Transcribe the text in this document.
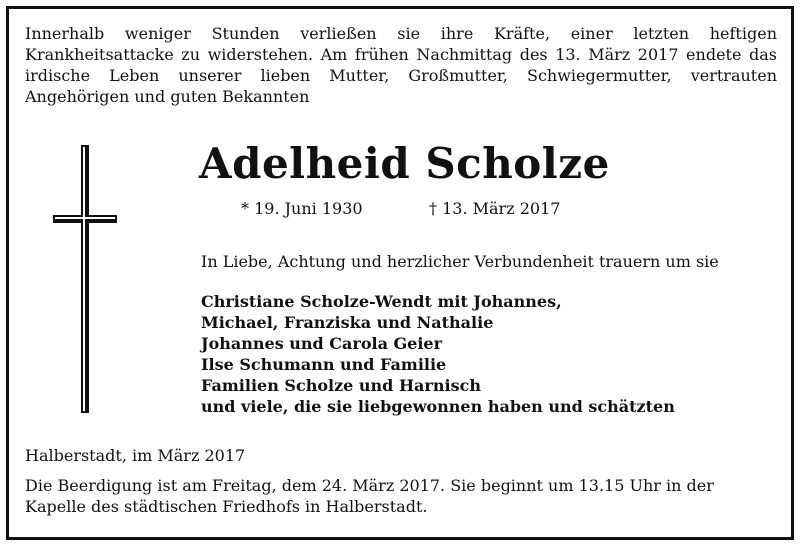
Innerhalb weniger Stunden verließen sie ihre Kräfte, einer letzten heftigen Krankheitsattacke zu widerstehen. Am frühen Nachmittag des 13. März 2017 endete das irdische Leben unserer lieben Mutter, Großmutter, Schwiegermutter, vertrauten Angehörigen und guten Bekannten
Adelheid Scholze
* 19. Juni 1930	† 13. März 2017
In Liebe, Achtung und herzlicher Verbundenheit trauern um sie
Christiane Scholze-Wendt mit Johannes,
Michael, Franziska und Nathalie
Johannes und Carola Geier
Ilse Schumann und Familie
Familien Scholze und Harnisch
und viele, die sie liebgewonnen haben und schätzten
Halberstadt, im März 2017
Die Beerdigung ist am Freitag, dem 24. März 2017. Sie beginnt um 13.15 Uhr in der Kapelle des städtischen Friedhofs in Halberstadt.
